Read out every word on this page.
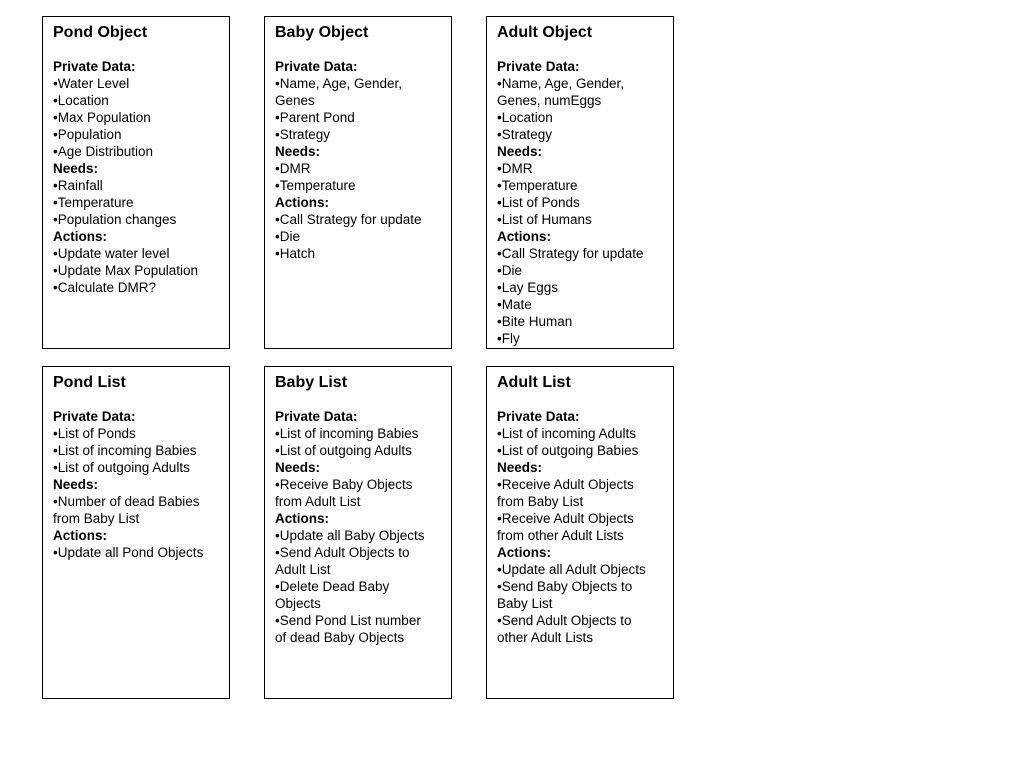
Pond Object
Private Data:
•Water Level
•Location
•Max Population
•Population
•Age Distribution
Needs:
•Rainfall
•Temperature
•Population changes
Actions:
•Update water level
•Update Max Population
•Calculate DMR?
Baby Object
Private Data:
•Name, Age, Gender,
Genes
•Parent Pond
•Strategy
Needs:
•DMR
•Temperature
Actions:
•Call Strategy for update
•Die
•Hatch
Adult Object
Private Data:
•Name, Age, Gender,
Genes, numEggs
•Location
•Strategy
Needs:
•DMR
•Temperature
•List of Ponds
•List of Humans
Actions:
•Call Strategy for update
•Die
•Lay Eggs
•Mate
•Bite Human
•Fly
Pond List
Private Data:
•List of Ponds
•List of incoming Babies
•List of outgoing Adults
Needs:
•Number of dead Babies
from Baby List
Actions:
•Update all Pond Objects
Baby List
Private Data:
•List of incoming Babies
•List of outgoing Adults
Needs:
•Receive Baby Objects
from Adult List
Actions:
•Update all Baby Objects
•Send Adult Objects to
Adult List
•Delete Dead Baby
Objects
•Send Pond List number
of dead Baby Objects
Adult List
Private Data:
•List of incoming Adults
•List of outgoing Babies
Needs:
•Receive Adult Objects
from Baby List
•Receive Adult Objects
from other Adult Lists
Actions:
•Update all Adult Objects
•Send Baby Objects to
Baby List
•Send Adult Objects to
other Adult Lists
